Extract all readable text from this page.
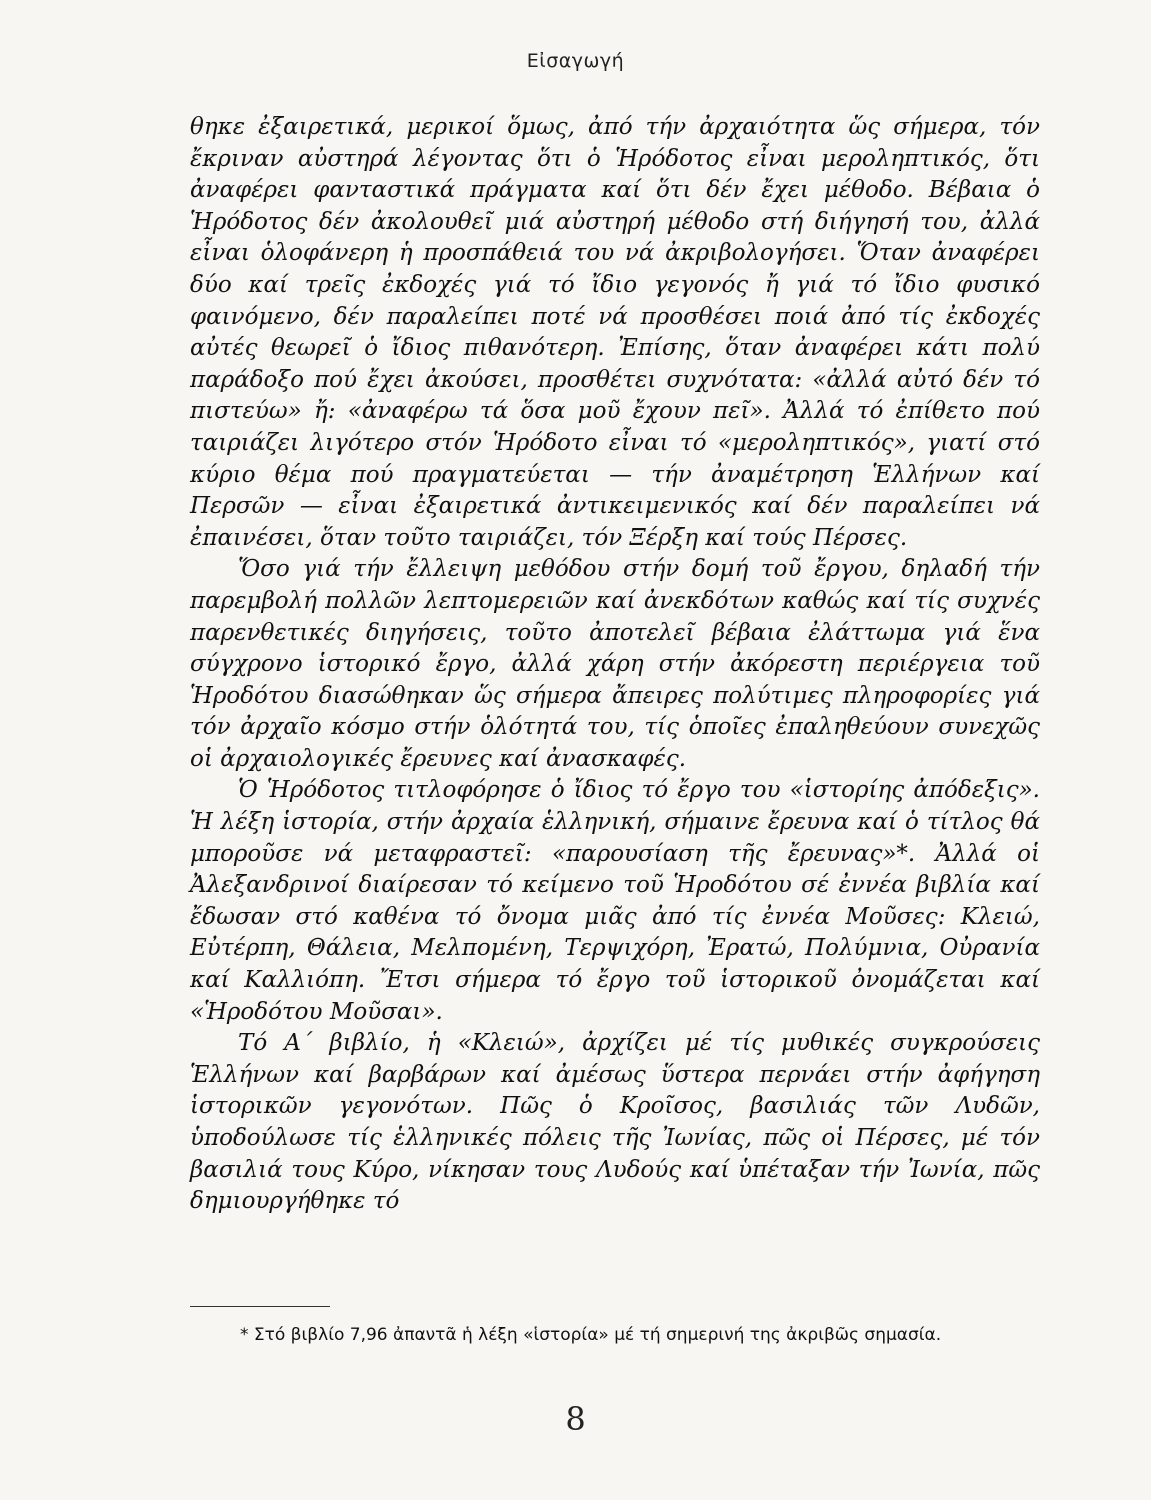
Εἰσαγωγή

θηκε ἐξαιρετικά, μερικοί ὅμως, ἀπό τήν ἀρχαιότητα ὥς σήμερα, τόν ἔκριναν αὐστηρά λέγοντας ὅτι ὁ Ἡρόδοτος εἶναι μεροληπτικός, ὅτι ἀναφέρει φανταστικά πράγματα καί ὅτι δέν ἔχει μέθοδο. Βέβαια ὁ Ἡρόδοτος δέν ἀκολουθεῖ μιά αὐστηρή μέθοδο στή διήγησή του, ἀλλά εἶναι ὁλοφάνερη ἡ προσπάθειά του νά ἀκριβολογήσει. Ὅταν ἀναφέρει δύο καί τρεῖς ἐκδοχές γιά τό ἴδιο γεγονός ἤ γιά τό ἴδιο φυσικό φαινόμενο, δέν παραλείπει ποτέ νά προσθέσει ποιά ἀπό τίς ἐκδοχές αὐτές θεωρεῖ ὁ ἴδιος πιθανότερη. Ἐπίσης, ὅταν ἀναφέρει κάτι πολύ παράδοξο πού ἔχει ἀκούσει, προσθέτει συχνότατα: «ἀλλά αὐτό δέν τό πιστεύω» ἤ: «ἀναφέρω τά ὅσα μοῦ ἔχουν πεῖ». Ἀλλά τό ἐπίθετο πού ταιριάζει λιγότερο στόν Ἡρόδοτο εἶναι τό «μεροληπτικός», γιατί στό κύριο θέμα πού πραγματεύεται — τήν ἀναμέτρηση Ἑλλήνων καί Περσῶν — εἶναι ἐξαιρετικά ἀντικειμενικός καί δέν παραλείπει νά ἐπαινέσει, ὅταν τοῦτο ταιριάζει, τόν Ξέρξη καί τούς Πέρσες.

Ὅσο γιά τήν ἔλλειψη μεθόδου στήν δομή τοῦ ἔργου, δηλαδή τήν παρεμβολή πολλῶν λεπτομερειῶν καί ἀνεκδότων καθώς καί τίς συχνές παρενθετικές διηγήσεις, τοῦτο ἀποτελεῖ βέβαια ἐλάττωμα γιά ἕνα σύγχρονο ἱστορικό ἔργο, ἀλλά χάρη στήν ἀκόρεστη περιέργεια τοῦ Ἡροδότου διασώθηκαν ὥς σήμερα ἄπειρες πολύτιμες πληροφορίες γιά τόν ἀρχαῖο κόσμο στήν ὁλότητά του, τίς ὁποῖες ἐπαληθεύουν συνεχῶς οἱ ἀρχαιολογικές ἔρευνες καί ἀνασκαφές.

Ὁ Ἡρόδοτος τιτλοφόρησε ὁ ἴδιος τό ἔργο του «ἱστορίης ἀπόδεξις». Ἡ λέξη ἱστορία, στήν ἀρχαία ἑλληνική, σήμαινε ἔρευνα καί ὁ τίτλος θά μποροῦσε νά μεταφραστεῖ: «παρουσίαση τῆς ἔρευνας»*. Ἀλλά οἱ Ἀλεξανδρινοί διαίρεσαν τό κείμενο τοῦ Ἡροδότου σέ ἐννέα βιβλία καί ἔδωσαν στό καθένα τό ὄνομα μιᾶς ἀπό τίς ἐννέα Μοῦσες: Κλειώ, Εὐτέρπη, Θάλεια, Μελπομένη, Τερψιχόρη, Ἐρατώ, Πολύμνια, Οὐρανία καί Καλλιόπη. Ἔτσι σήμερα τό ἔργο τοῦ ἱστορικοῦ ὀνομάζεται καί «Ἡροδότου Μοῦσαι».

Τό Α΄ βιβλίο, ἡ «Κλειώ», ἀρχίζει μέ τίς μυθικές συγκρούσεις Ἑλλήνων καί βαρβάρων καί ἀμέσως ὕστερα περνάει στήν ἀφήγηση ἱστορικῶν γεγονότων. Πῶς ὁ Κροῖσος, βασιλιάς τῶν Λυδῶν, ὑποδούλωσε τίς ἑλληνικές πόλεις τῆς Ἰωνίας, πῶς οἱ Πέρσες, μέ τόν βασιλιά τους Κύρο, νίκησαν τους Λυδούς καί ὑπέταξαν τήν Ἰωνία, πῶς δημιουργήθηκε τό

* Στό βιβλίο 7,96 ἀπαντᾶ ἡ λέξη «ἱστορία» μέ τή σημερινή της ἀκριβῶς σημασία.

8
